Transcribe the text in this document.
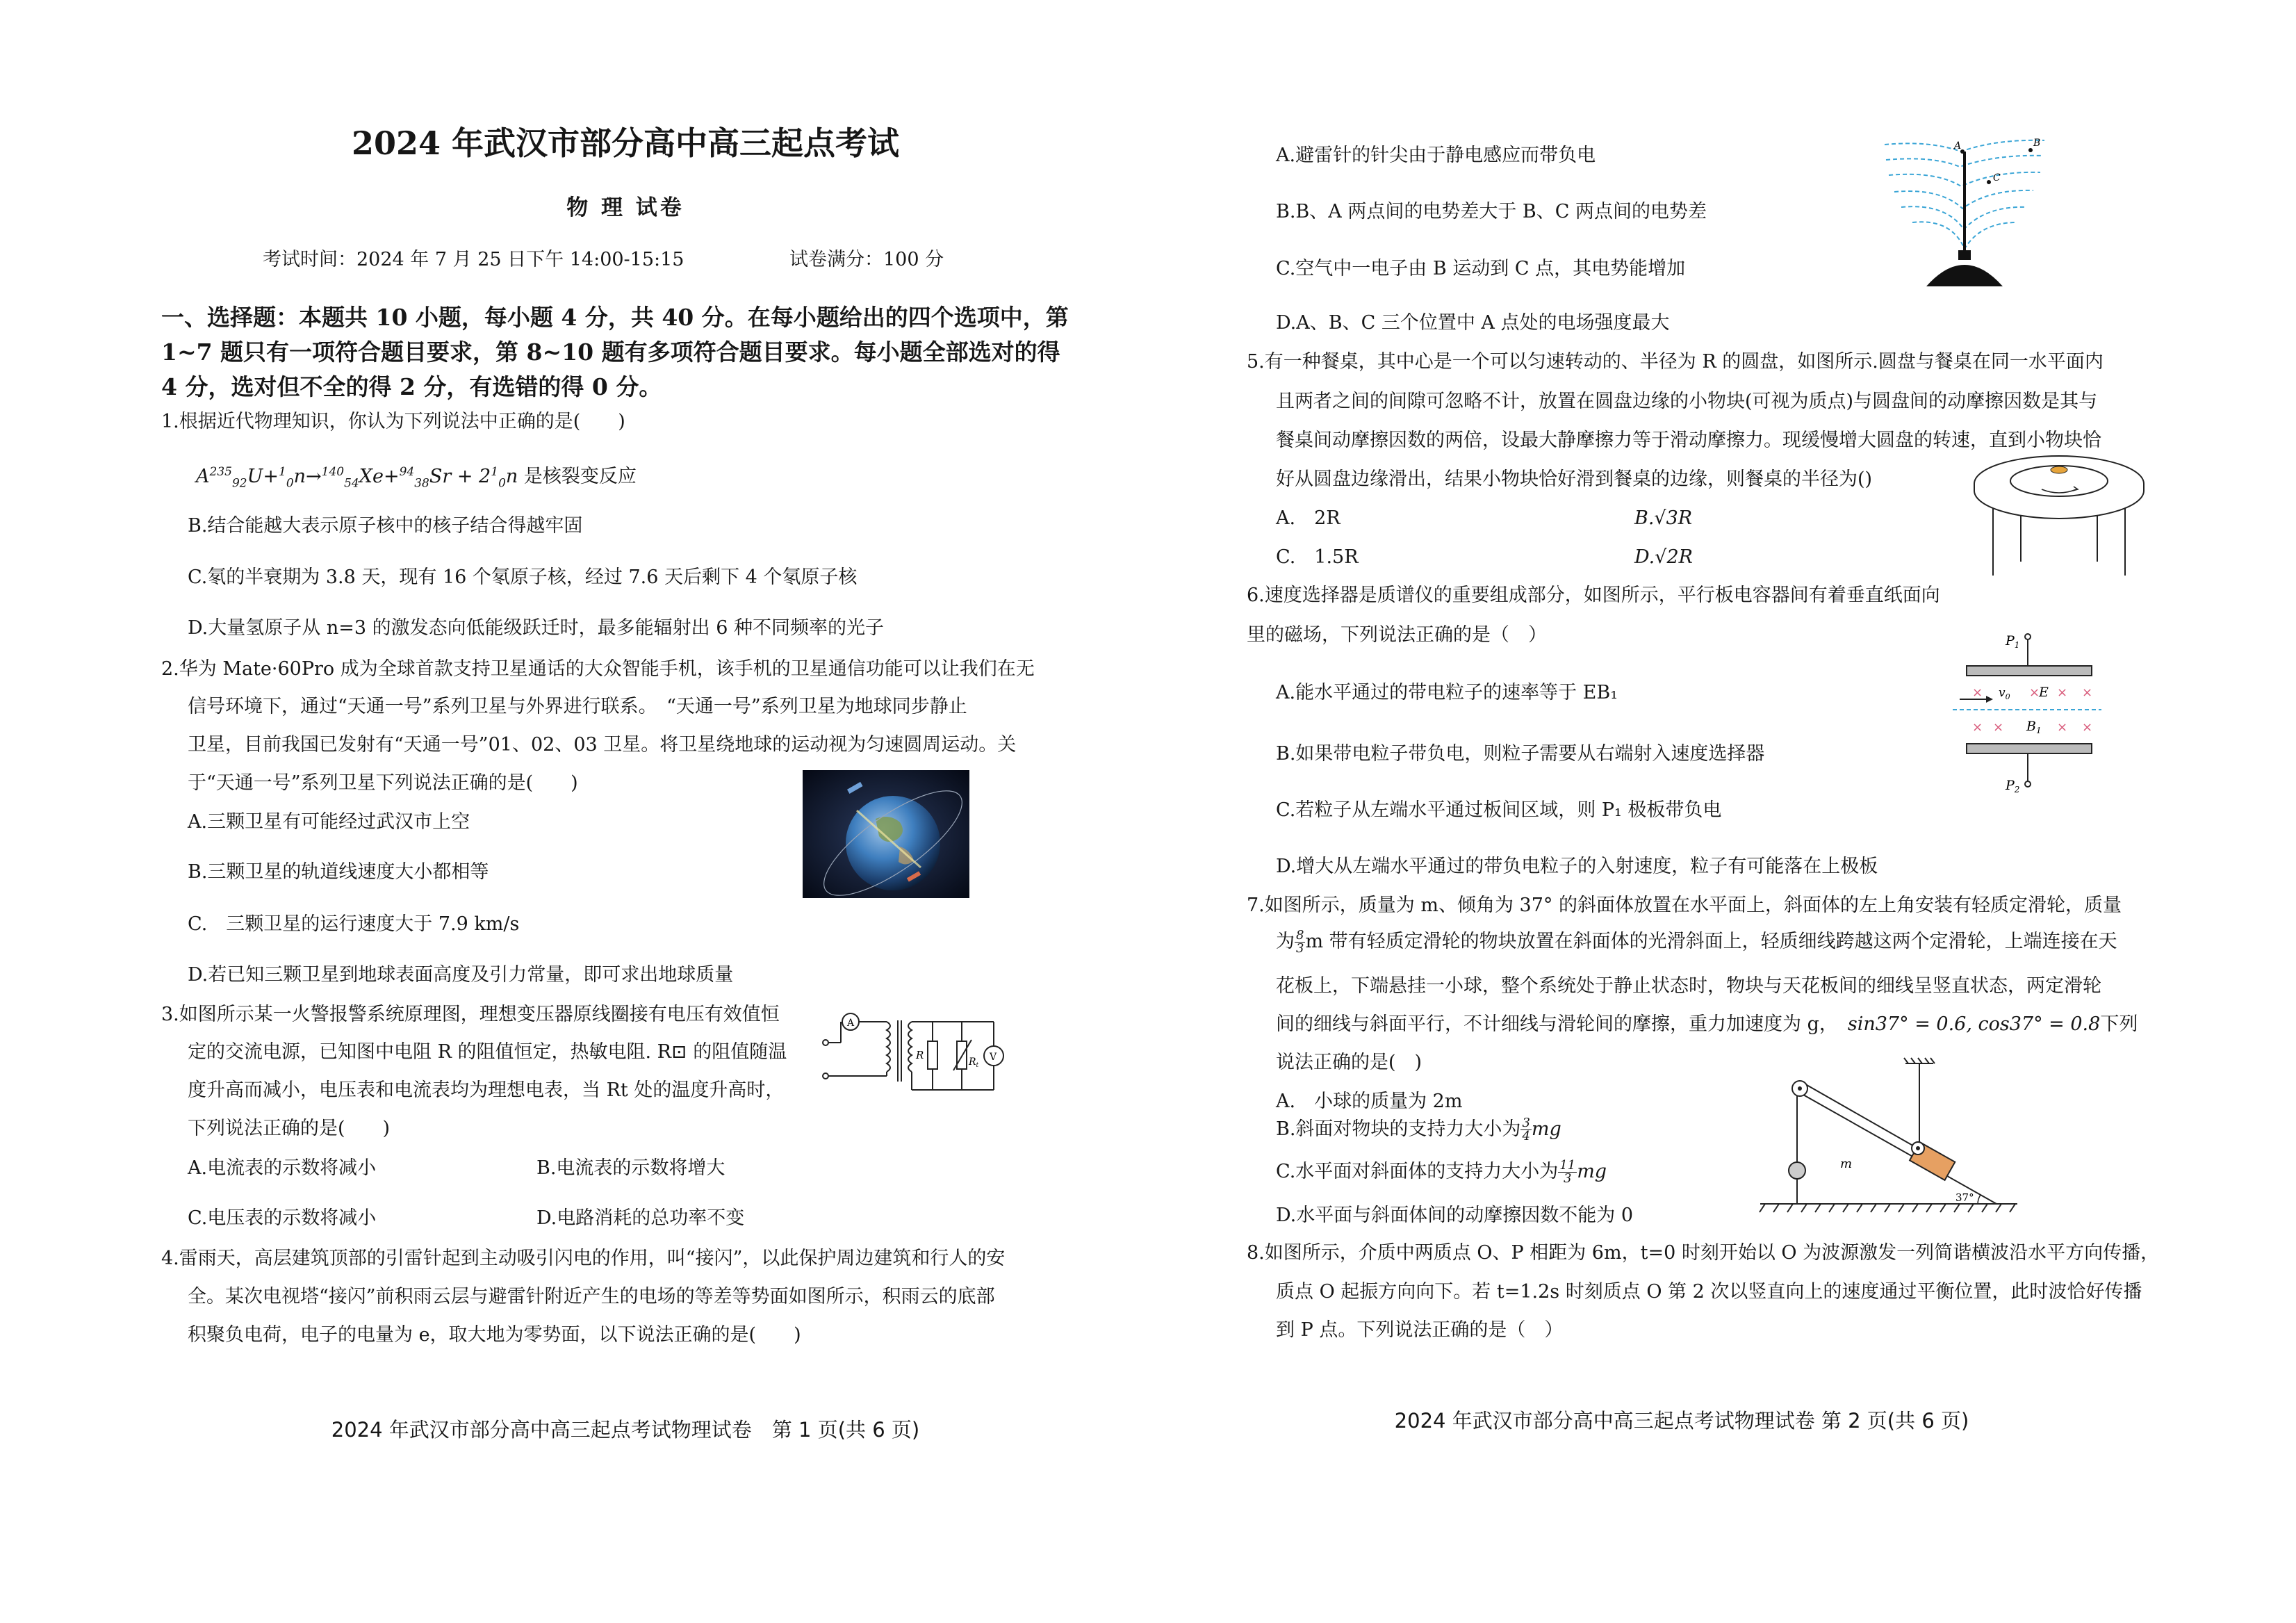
2024 年武汉市部分高中高三起点考试
物 理 试卷
考试时间：2024 年 7 月 25 日下午 14:00-15:15	试卷满分：100 分
一、选择题：本题共 10 小题，每小题 4 分，共 40 分。在每小题给出的四个选项中，第 1~7 题只有一项符合题目要求，第 8~10 题有多项符合题目要求。每小题全部选对的得 4 分，选对但不全的得 2 分，有选错的得 0 分。
1.根据近代物理知识，你认为下列说法中正确的是(　　)
$A^{235}_{92}U+^1_0n\to^{140}_{54}Xe+^{94}_{38}Sr + 2^1_0n$ 是核裂变反应
B.结合能越大表示原子核中的核子结合得越牢固
C.氡的半衰期为 3.8 天，现有 16 个氡原子核，经过 7.6 天后剩下 4 个氡原子核
D.大量氢原子从 n=3 的激发态向低能级跃迁时，最多能辐射出 6 种不同频率的光子
2.华为 Mate·60Pro 成为全球首款支持卫星通话的大众智能手机，该手机的卫星通信功能可以让我们在无
信号环境下，通过“天通一号”系列卫星与外界进行联系。　“天通一号”系列卫星为地球同步静止
卫星，目前我国已发射有“天通一号”01、02、03 卫星。将卫星绕地球的运动视为匀速圆周运动。关
于“天通一号”系列卫星下列说法正确的是(　　)
A.三颗卫星有可能经过武汉市上空
B.三颗卫星的轨道线速度大小都相等
C.　三颗卫星的运行速度大于 7.9 km/s
D.若已知三颗卫星到地球表面高度及引力常量，即可求出地球质量
3.如图所示某一火警报警系统原理图，理想变压器原线圈接有电压有效值恒
定的交流电源，已知图中电阻 R 的阻值恒定，热敏电阻. R⊡ 的阻值随温
度升高而减小，电压表和电流表均为理想电表，当 Rt 处的温度升高时，
下列说法正确的是(　　)
A.电流表的示数将减小	B.电流表的示数将增大
C.电压表的示数将减小	D.电路消耗的总功率不变
A
V
R
$R_t$
4.雷雨天，高层建筑顶部的引雷针起到主动吸引闪电的作用，叫“接闪”，以此保护周边建筑和行人的安
全。某次电视塔“接闪”前积雨云层与避雷针附近产生的电场的等差等势面如图所示，积雨云的底部
积聚负电荷，电子的电量为 e，取大地为零势面，以下说法正确的是(　　)
2024 年武汉市部分高中高三起点考试物理试卷　第 1 页(共 6 页)
A.避雷针的针尖由于静电感应而带负电
B.B、A 两点间的电势差大于 B、C 两点间的电势差
C.空气中一电子由 B 运动到 C 点，其电势能增加
D.A、B、C 三个位置中 A 点处的电场强度最大
A	B
C
5.有一种餐桌，其中心是一个可以匀速转动的、半径为 R 的圆盘，如图所示.圆盘与餐桌在同一水平面内
且两者之间的间隙可忽略不计，放置在圆盘边缘的小物块(可视为质点)与圆盘间的动摩擦因数是其与
餐桌间动摩擦因数的两倍，设最大静摩擦力等于滑动摩擦力。现缓慢增大圆盘的转速，直到小物块恰
好从圆盘边缘滑出，结果小物块恰好滑到餐桌的边缘，则餐桌的半径为()
A.　2R	B.√3R
C.　1.5R	D.√2R
6.速度选择器是质谱仪的重要组成部分，如图所示，平行板电容器间有着垂直纸面向
里的磁场，下列说法正确的是（　）
A.能水平通过的带电粒子的速率等于 EB₁
B.如果带电粒子带负电，则粒子需要从右端射入速度选择器
C.若粒子从左端水平通过板间区域，则 P₁ 极板带负电
D.增大从左端水平通过的带负电粒子的入射速度，粒子有可能落在上极板
×	× × ×
× ×	× ×
$v_0$ E
$B_1$
$P_1$
$P_2$
7.如图所示，质量为 m、倾角为 37° 的斜面体放置在水平面上，斜面体的左上角安装有轻质定滑轮，质量
为 $\frac{8}{3}$ m 带有轻质定滑轮的物块放置在斜面体的光滑斜面上，轻质细线跨越这两个定滑轮，上端连接在天
花板上，下端悬挂一小球，整个系统处于静止状态时，物块与天花板间的细线呈竖直状态，两定滑轮
间的细线与斜面平行，不计细线与滑轮间的摩擦，重力加速度为 g， sin37° = 0.6, cos37° = 0.8下列
说法正确的是(　)
A.　小球的质量为 2m
B.斜面对物块的支持力大小为 $\frac{3}{4}$ mg
C.水平面对斜面体的支持力大小为 $\frac{11}{3}$ mg
D.水平面与斜面体间的动摩擦因数不能为 0
m
37°
8.如图所示，介质中两质点 O、P 相距为 6m，t=0 时刻开始以 O 为波源激发一列简谐横波沿水平方向传播，
质点 O 起振方向向下。若 t=1.2s 时刻质点 O 第 2 次以竖直向上的速度通过平衡位置，此时波恰好传播
到 P 点。下列说法正确的是（　）
2024 年武汉市部分高中高三起点考试物理试卷 第 2 页(共 6 页)
